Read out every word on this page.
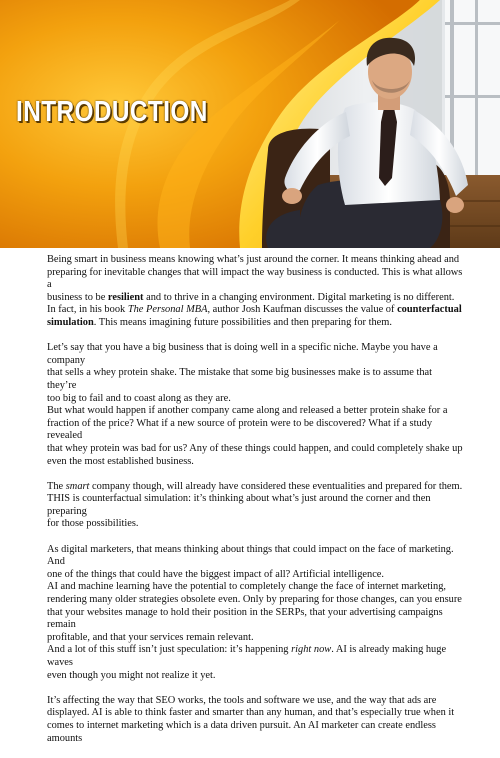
INTRODUCTION

Being smart in business means knowing what’s just around the corner. It means thinking ahead and
preparing for inevitable changes that will impact the way business is conducted. This is what allows a
business to be resilient and to thrive in a changing environment. Digital marketing is no different.
In fact, in his book The Personal MBA, author Josh Kaufman discusses the value of counterfactual
simulation. This means imagining future possibilities and then preparing for them.

Let’s say that you have a big business that is doing well in a specific niche. Maybe you have a company
that sells a whey protein shake. The mistake that some big businesses make is to assume that they’re
too big to fail and to coast along as they are.
But what would happen if another company came along and released a better protein shake for a
fraction of the price? What if a new source of protein were to be discovered? What if a study revealed
that whey protein was bad for us? Any of these things could happen, and could completely shake up
even the most established business.

The smart company though, will already have considered these eventualities and prepared for them.
THIS is counterfactual simulation: it’s thinking about what’s just around the corner and then preparing
for those possibilities.

As digital marketers, that means thinking about things that could impact on the face of marketing. And
one of the things that could have the biggest impact of all? Artificial intelligence.
AI and machine learning have the potential to completely change the face of internet marketing,
rendering many older strategies obsolete even. Only by preparing for those changes, can you ensure
that your websites manage to hold their position in the SERPs, that your advertising campaigns remain
profitable, and that your services remain relevant.
And a lot of this stuff isn’t just speculation: it’s happening right now. AI is already making huge waves
even though you might not realize it yet.

It’s affecting the way that SEO works, the tools and software we use, and the way that ads are
displayed. AI is able to think faster and smarter than any human, and that’s especially true when it
comes to internet marketing which is a data driven pursuit. An AI marketer can create endless amounts
